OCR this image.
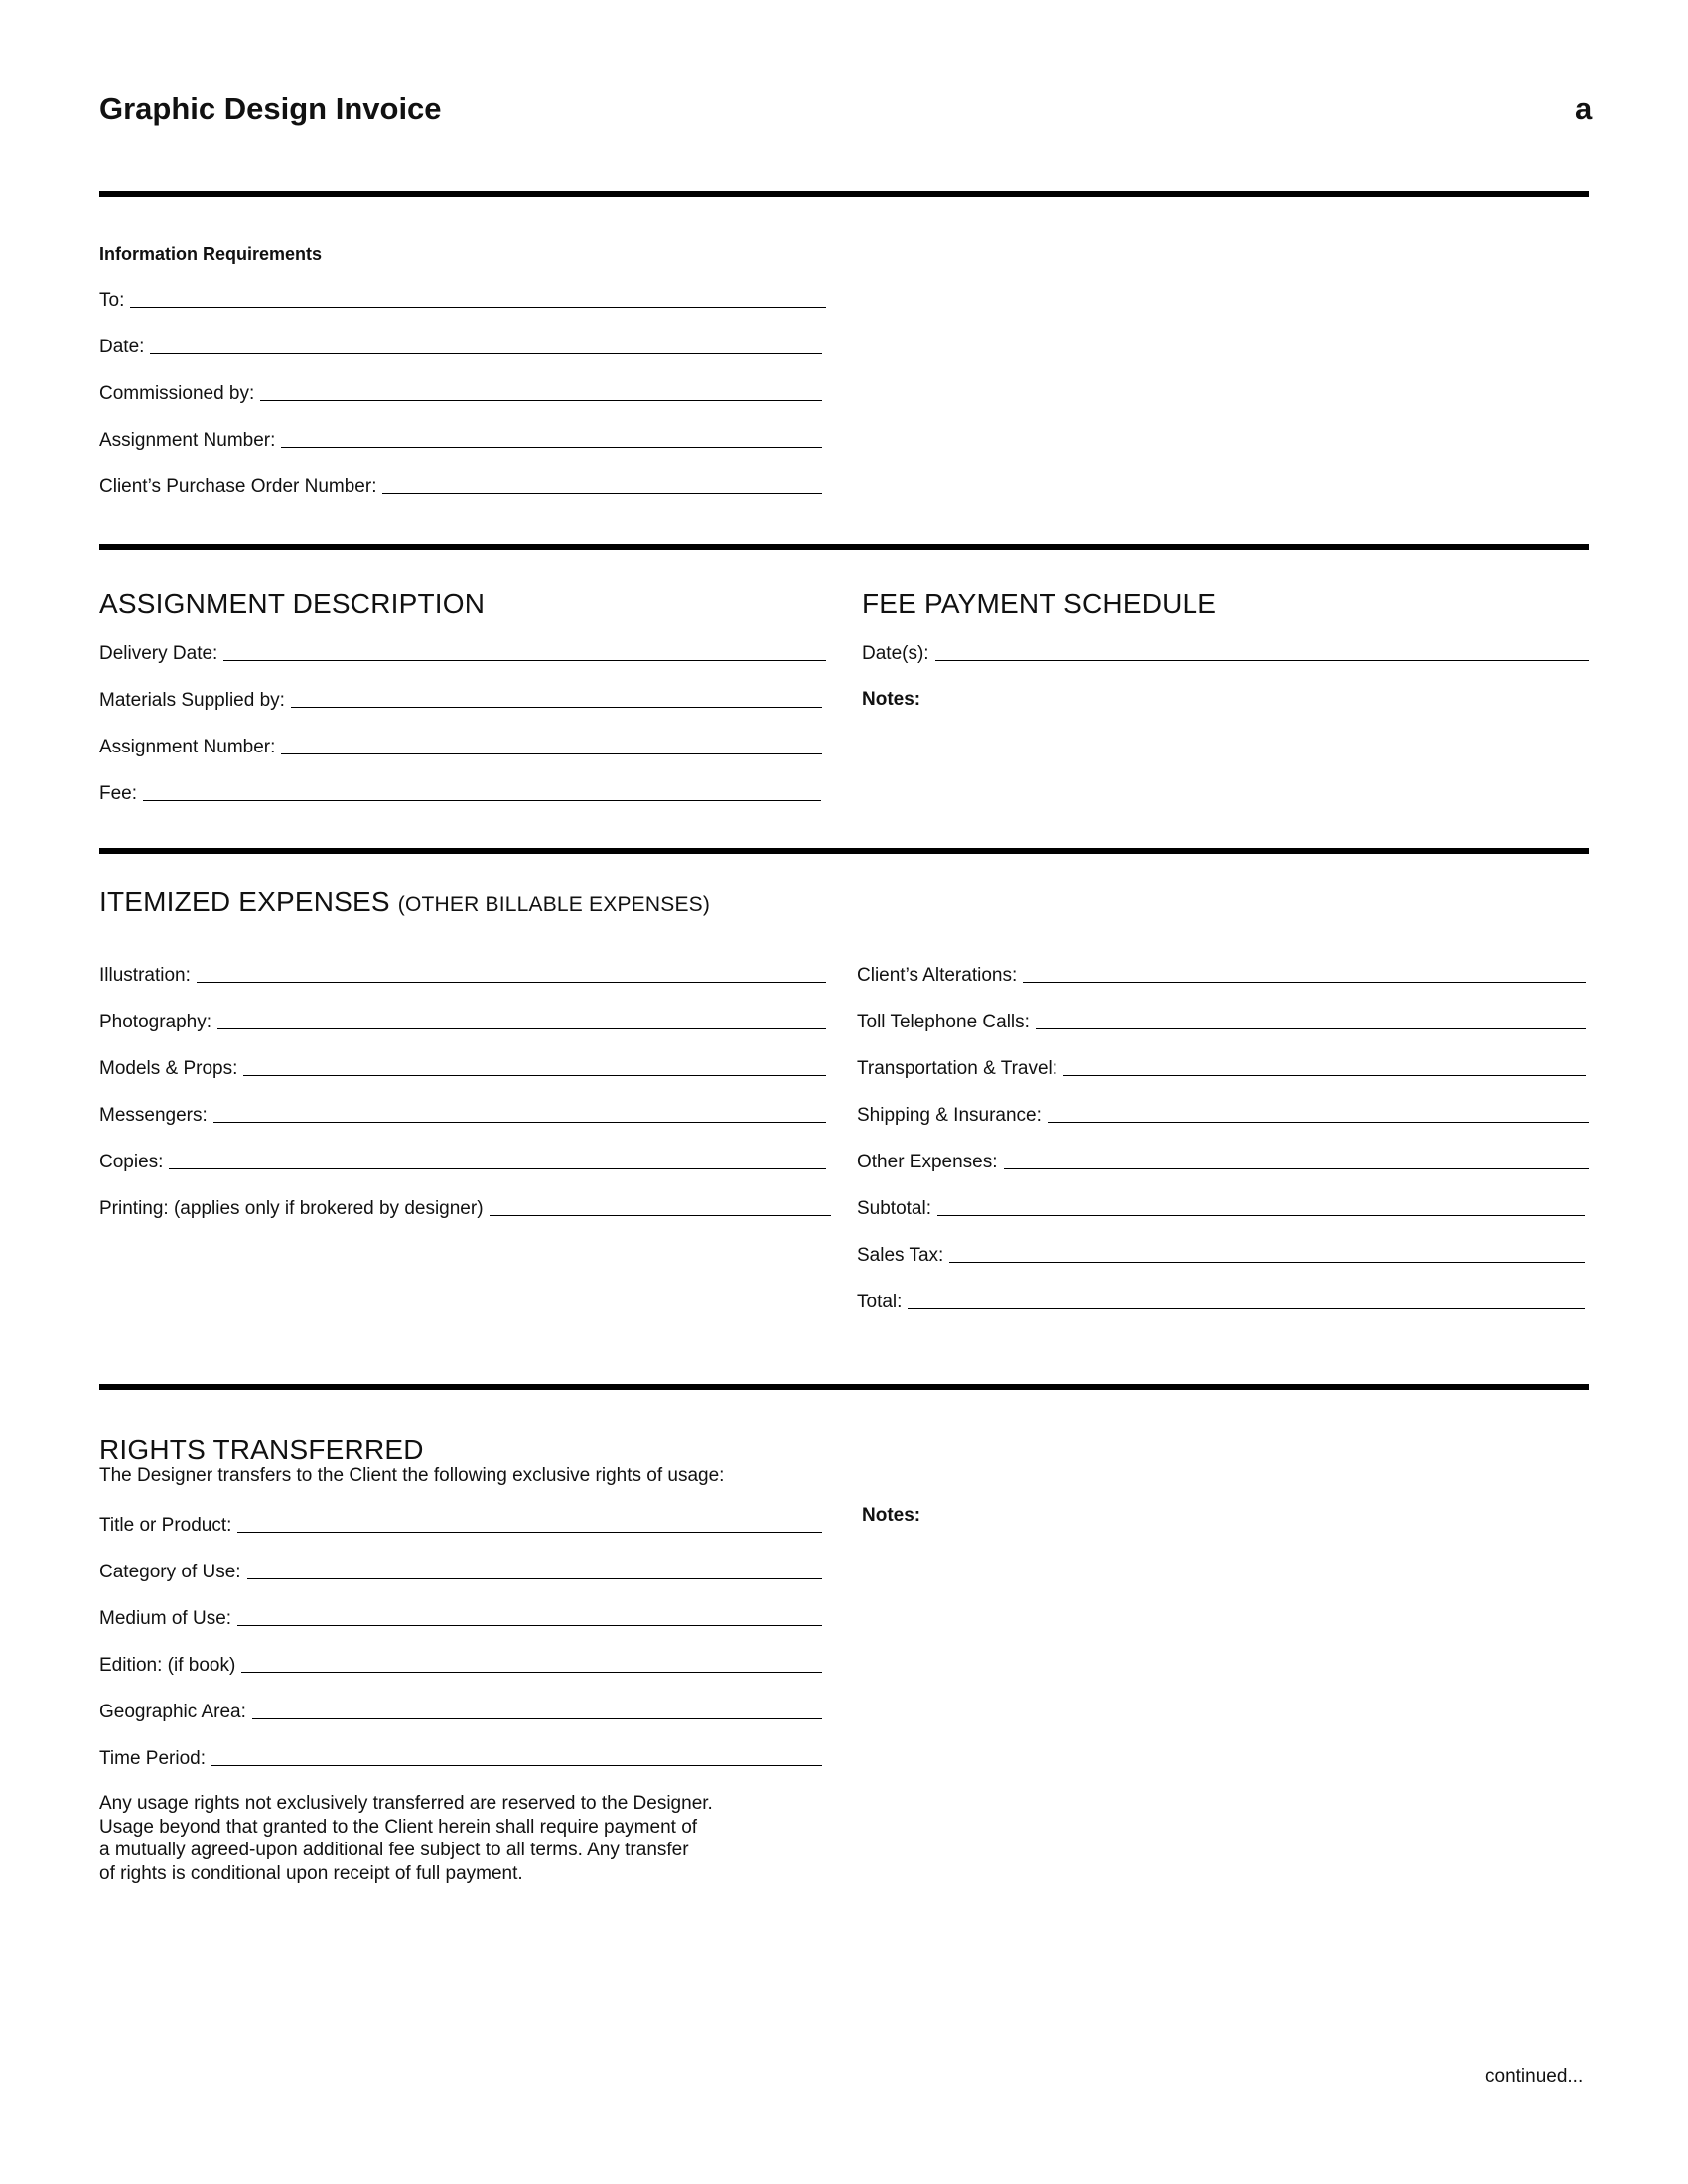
Graphic Design Invoice	a
Information Requirements
To:
Date:
Commissioned by:
Assignment Number:
Client’s Purchase Order Number:
ASSIGNMENT DESCRIPTION
Delivery Date:
Materials Supplied by:
Assignment Number:
Fee:
FEE PAYMENT SCHEDULE
Date(s):
Notes:
ITEMIZED EXPENSES (OTHER BILLABLE EXPENSES)
Illustration:
Photography:
Models & Props:
Messengers:
Copies:
Printing: (applies only if brokered by designer)
Client’s Alterations:
Toll Telephone Calls:
Transportation & Travel:
Shipping & Insurance:
Other Expenses:
Subtotal:
Sales Tax:
Total:
RIGHTS TRANSFERRED
The Designer transfers to the Client the following exclusive rights of usage:
Title or Product:
Category of Use:
Medium of Use:
Edition: (if book)
Geographic Area:
Time Period:
Notes:
Any usage rights not exclusively transferred are reserved to the Designer.
Usage beyond that granted to the Client herein shall require payment of
a mutually agreed-upon additional fee subject to all terms. Any transfer
of rights is conditional upon receipt of full payment.
continued...
